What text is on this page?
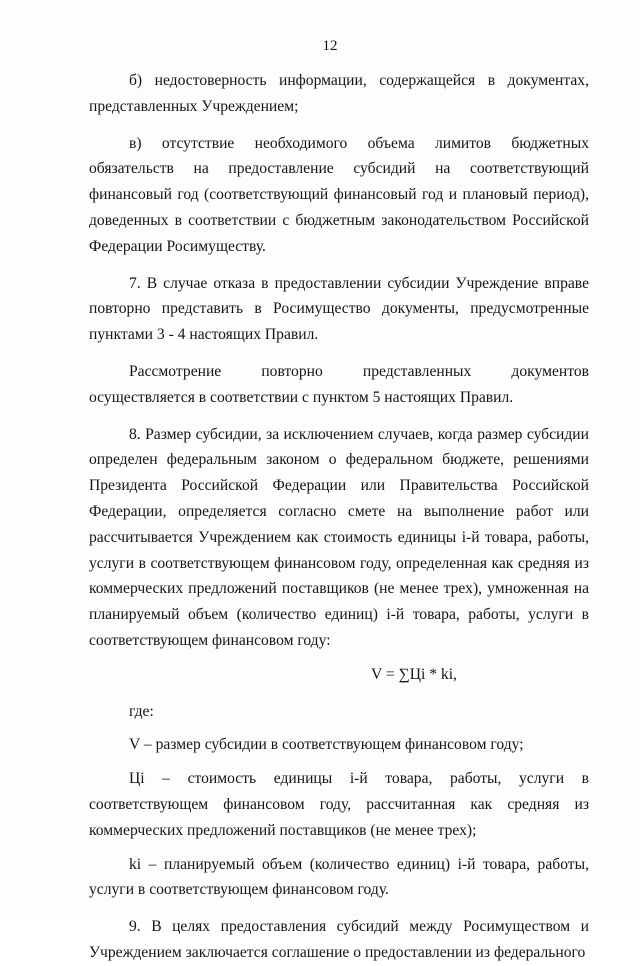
12

б) недостоверность информации, содержащейся в документах, представленных Учреждением;

в) отсутствие необходимого объема лимитов бюджетных обязательств на предоставление субсидий на соответствующий финансовый год (соответствующий финансовый год и плановый период), доведенных в соответствии с бюджетным законодательством Российской Федерации Росимуществу.

7. В случае отказа в предоставлении субсидии Учреждение вправе повторно представить в Росимущество документы, предусмотренные пунктами 3 - 4 настоящих Правил.

Рассмотрение повторно представленных документов осуществляется в соответствии с пунктом 5 настоящих Правил.

8. Размер субсидии, за исключением случаев, когда размер субсидии определен федеральным законом о федеральном бюджете, решениями Президента Российской Федерации или Правительства Российской Федерации, определяется согласно смете на выполнение работ или рассчитывается Учреждением как стоимость единицы i-й товара, работы, услуги в соответствующем финансовом году, определенная как средняя из коммерческих предложений поставщиков (не менее трех), умноженная на планируемый объем (количество единиц) i-й товара, работы, услуги в соответствующем финансовом году:

V = ∑Цi * ki,

где:

V – размер субсидии в соответствующем финансовом году;

Цi – стоимость единицы i-й товара, работы, услуги в соответствующем финансовом году, рассчитанная как средняя из коммерческих предложений поставщиков (не менее трех);

ki – планируемый объем (количество единиц) i-й товара, работы, услуги в соответствующем финансовом году.

9. В целях предоставления субсидий между Росимуществом и Учреждением заключается соглашение о предоставлении из федерального
